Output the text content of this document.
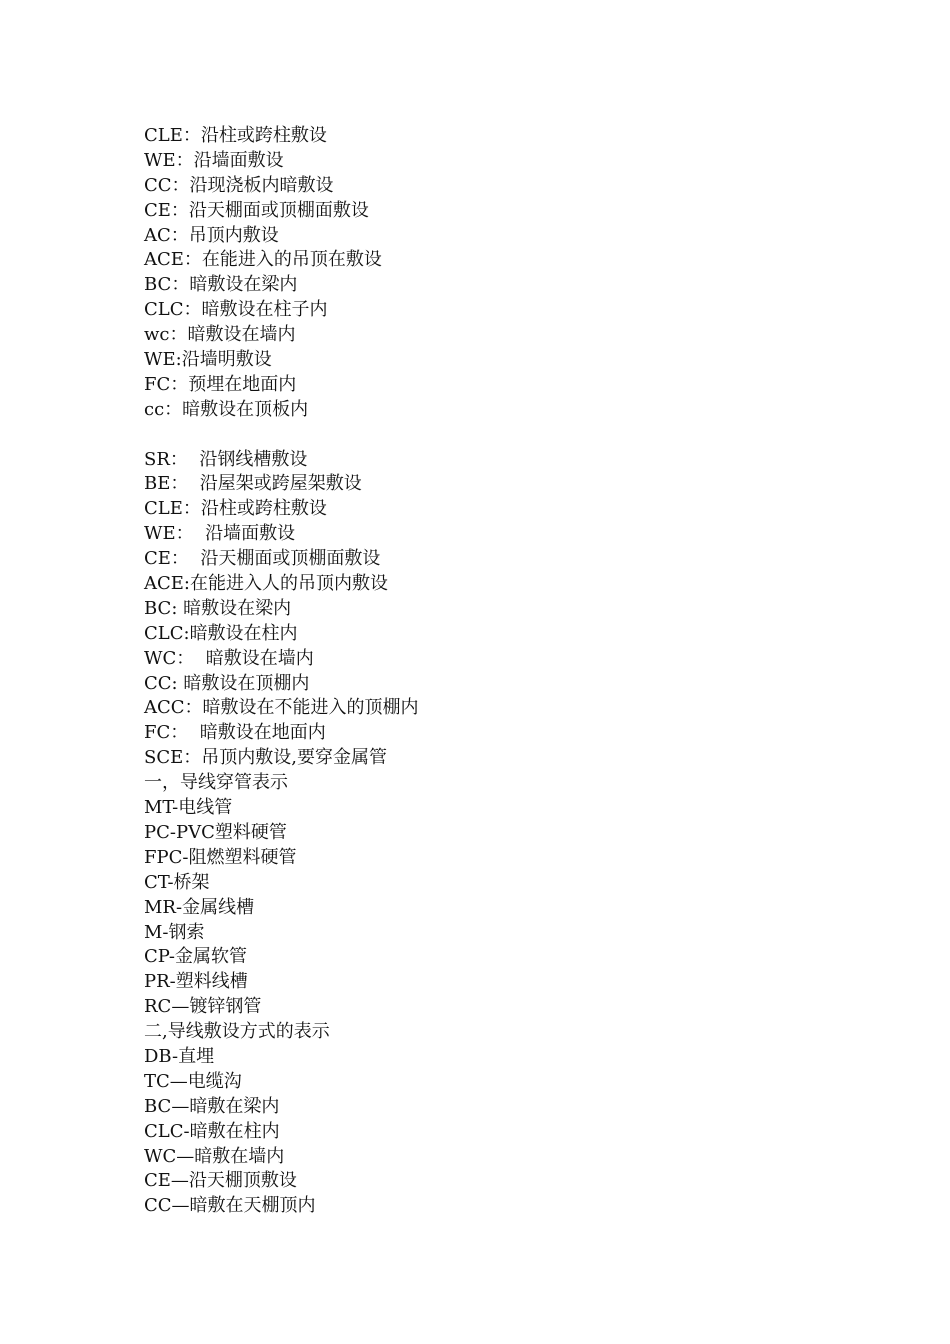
CLE：沿柱或跨柱敷设
WE：沿墙面敷设
CC：沿现浇板内暗敷设
CE：沿天棚面或顶棚面敷设
AC：吊顶内敷设
ACE：在能进入的吊顶在敷设
BC：暗敷设在梁内
CLC：暗敷设在柱子内
wc：暗敷设在墙内
WE:沿墙明敷设
FC：预埋在地面内
cc：暗敷设在顶板内
SR：  沿钢线槽敷设
BE：  沿屋架或跨屋架敷设
CLE：沿柱或跨柱敷设
WE：  沿墙面敷设
CE：  沿天棚面或顶棚面敷设
ACE:在能进入人的吊顶内敷设
BC: 暗敷设在梁内
CLC:暗敷设在柱内
WC：  暗敷设在墙内
CC: 暗敷设在顶棚内
ACC：暗敷设在不能进入的顶棚内
FC：  暗敷设在地面内
SCE：吊顶内敷设,要穿金属管
一，导线穿管表示
MT-电线管
PC-PVC塑料硬管
FPC-阻燃塑料硬管
CT-桥架
MR-金属线槽
M-钢索
CP-金属软管
PR-塑料线槽
RC—镀锌钢管
二,导线敷设方式的表示
DB-直埋
TC—电缆沟
BC—暗敷在梁内
CLC-暗敷在柱内
WC—暗敷在墙内
CE—沿天棚顶敷设
CC—暗敷在天棚顶内
